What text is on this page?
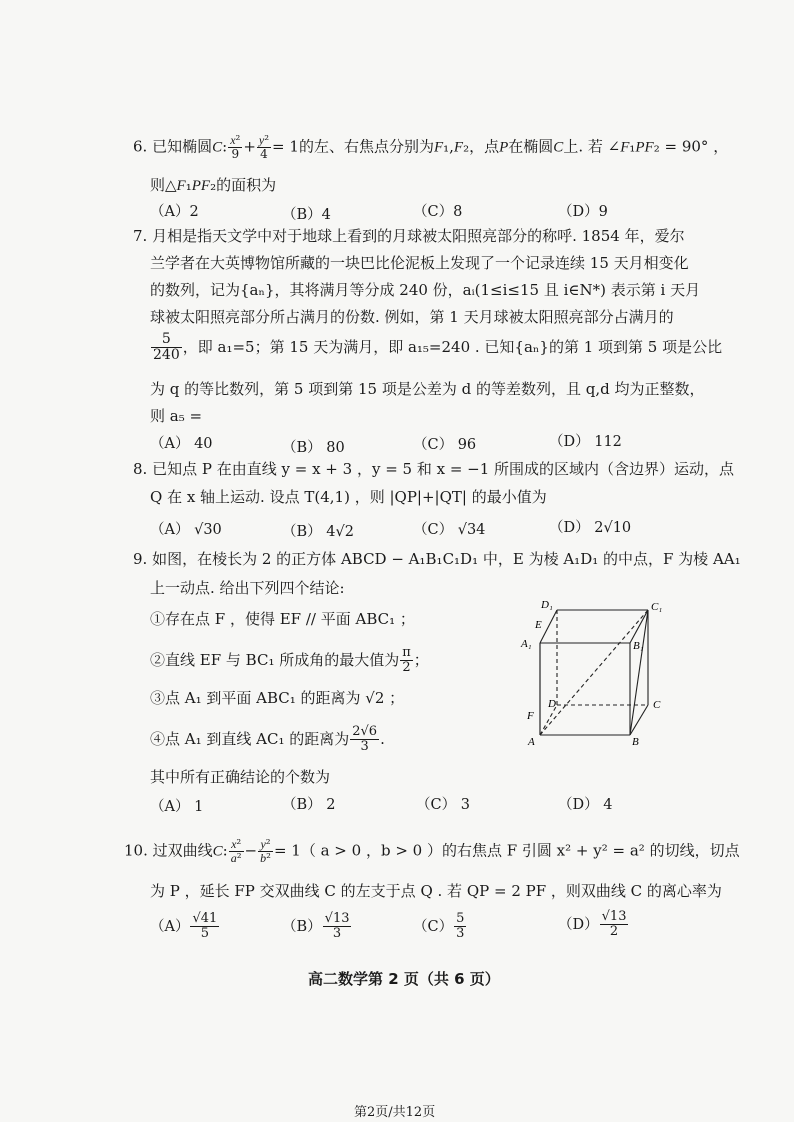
6. 已知椭圆C: $\frac{\text{x²}}{9} + \frac{\text{y²}}{4} = 1$的左、右焦点分别为F₁,F₂，点P在椭圆C上. 若 ∠F₁PF₂ = 90° ，
则△F₁PF₂的面积为
（A）2	（B）4	（C）8	（D）9
7. 月相是指天文学中对于地球上看到的月球被太阳照亮部分的称呼. 1854 年，爱尔
兰学者在大英博物馆所藏的一块巴比伦泥板上发现了一个记录连续 15 天月相变化
的数列，记为{aₙ}，其将满月等分成 240 份，aᵢ(1≤i≤15 且 i∈N*) 表示第 i 天月
球被太阳照亮部分所占满月的份数. 例如，第 1 天月球被太阳照亮部分占满月的
$\frac{5}{240}$ ，即 a₁=5；第 15 天为满月，即 a₁₅=240 . 已知{aₙ}的第 1 项到第 5 项是公比
为 q 的等比数列，第 5 项到第 15 项是公差为 d 的等差数列，且 q,d 均为正整数，
则 a₅ =
（A） 40	（B） 80	（C） 96	（D） 112
8. 已知点 P 在由直线 y = x + 3 ，y = 5 和 x = −1 所围成的区域内（含边界）运动，点
Q 在 x 轴上运动. 设点 T(4,1) ，则 |QP|+|QT| 的最小值为
（A） √30	（B） 4√2	（C） √34	（D） 2√10
9. 如图，在棱长为 2 的正方体 ABCD − A₁B₁C₁D₁ 中，E 为棱 A₁D₁ 的中点，F 为棱 AA₁
上一动点. 给出下列四个结论:
①存在点 F ，使得 EF // 平面 ABC₁ ；
②直线 EF 与 BC₁ 所成角的最大值为 $\frac{\pi}{2}$ ；
③点 A₁ 到平面 ABC₁ 的距离为 √2 ；
④点 A₁ 到直线 AC₁ 的距离为 $\frac{2√6}{3}$ .
其中所有正确结论的个数为
（A） 1	（B） 2	（C） 3	（D） 4
D₁	C₁
E
A₁	B₁
D	C
F
A	B
10. 过双曲线C: $\frac{\text{x²}}{\text{a²}} - \frac{\text{y²}}{\text{b²}} = 1$（ a > 0 ，b > 0 ）的右焦点 F 引圆 x² + y² = a² 的切线，切点
为 P ，延长 FP 交双曲线 C 的左支于点 Q . 若 QP = 2 PF ，则双曲线 C 的离心率为
$(A) \frac{√41}{5}$	$(B) \frac{√13}{3}$	$(C) \frac{5}{3}$	$(D) \frac{√13}{2}$
高二数学第 2 页（共 6 页）
第2页/共12页
